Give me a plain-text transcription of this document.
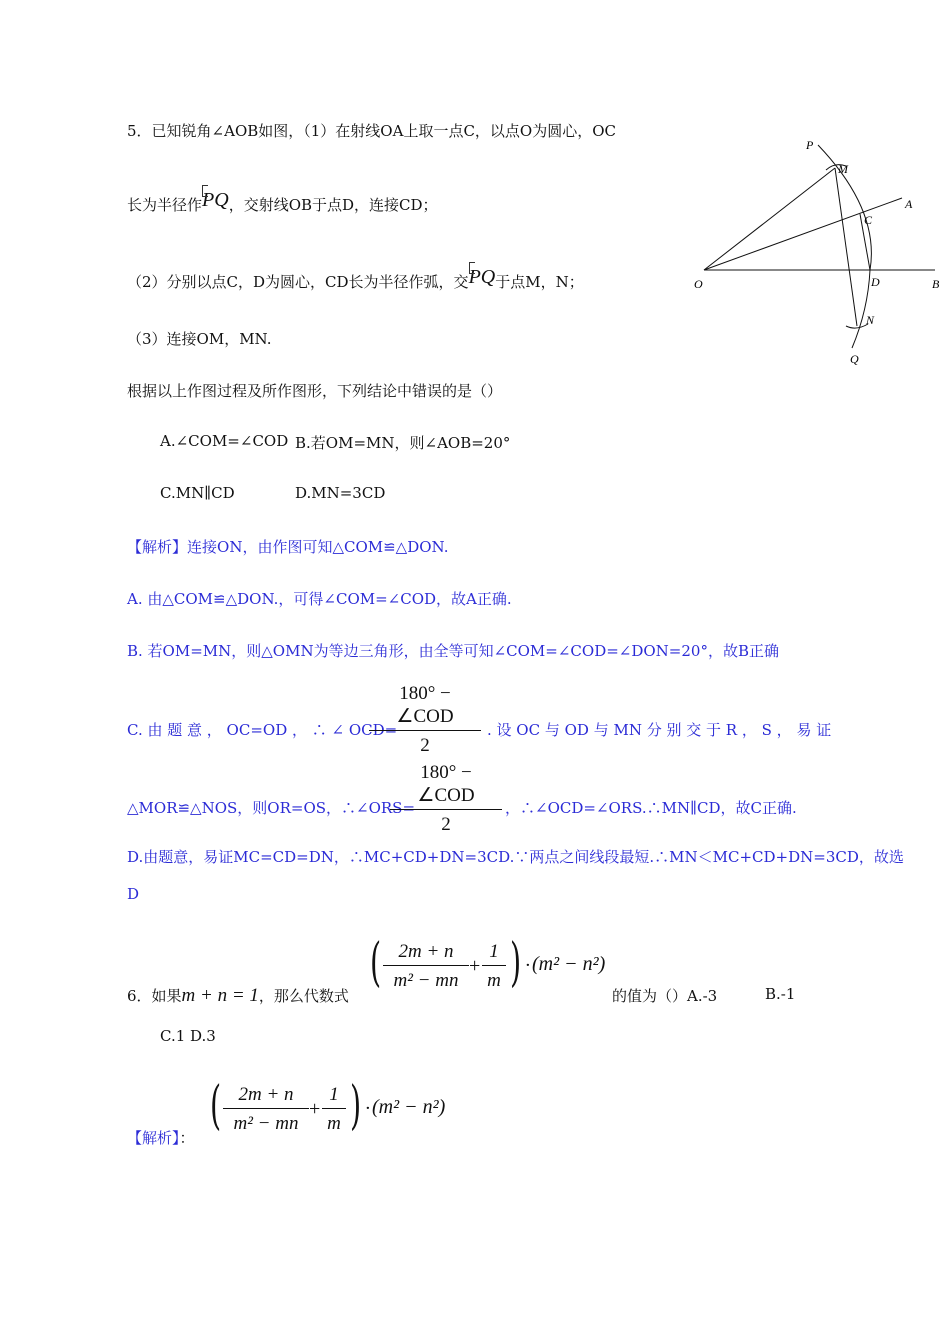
5．已知锐角∠AOB如图，（1）在射线OA上取一点C，以点O为圆心，OC
长为半径作PQ，交射线OB于点D，连接CD；
（2）分别以点C，D为圆心，CD长为半径作弧，交PQ于点M，N；
（3）连接OM，MN.
根据以上作图过程及所作图形，下列结论中错误的是（）
A.∠COM=∠COD B.若OM=MN，则∠AOB=20°
C.MN∥CD	D.MN=3CD
P
M
A
C
O	D	B
N
Q
【解析】连接ON，由作图可知△COM≌△DON.
A. 由△COM≌△DON.，可得∠COM=∠COD，故A正确.
B. 若OM=MN，则△OMN为等边三角形，由全等可知∠COM=∠COD=∠DON=20°，故B正确
C. 由 题 意 ， OC=OD ， ∴ ∠ OCD=
180° − ∠COD
2
. 设 OC 与 OD 与 MN 分 别 交 于 R ， S ， 易 证
△MOR≌△NOS，则OR=OS，∴∠ORS=
180° − ∠COD
2
，∴∠OCD=∠ORS.∴MN∥CD，故C正确.
D.由题意，易证MC=CD=DN，∴MC+CD+DN=3CD.∵两点之间线段最短.∴MN＜MC+CD+DN=3CD，故选
D
6．如果m + n = 1，那么代数式
( $\frac{2m + n}{\text{m² − mn}} + \frac{1}{m}$ ) · (m² − n²)
的值为（）A.-3	B.-1
C.1 D.3
【解析】：
( $\frac{2m + n}{\text{m² − mn}} + \frac{1}{m}$ ) · (m² − n²)
